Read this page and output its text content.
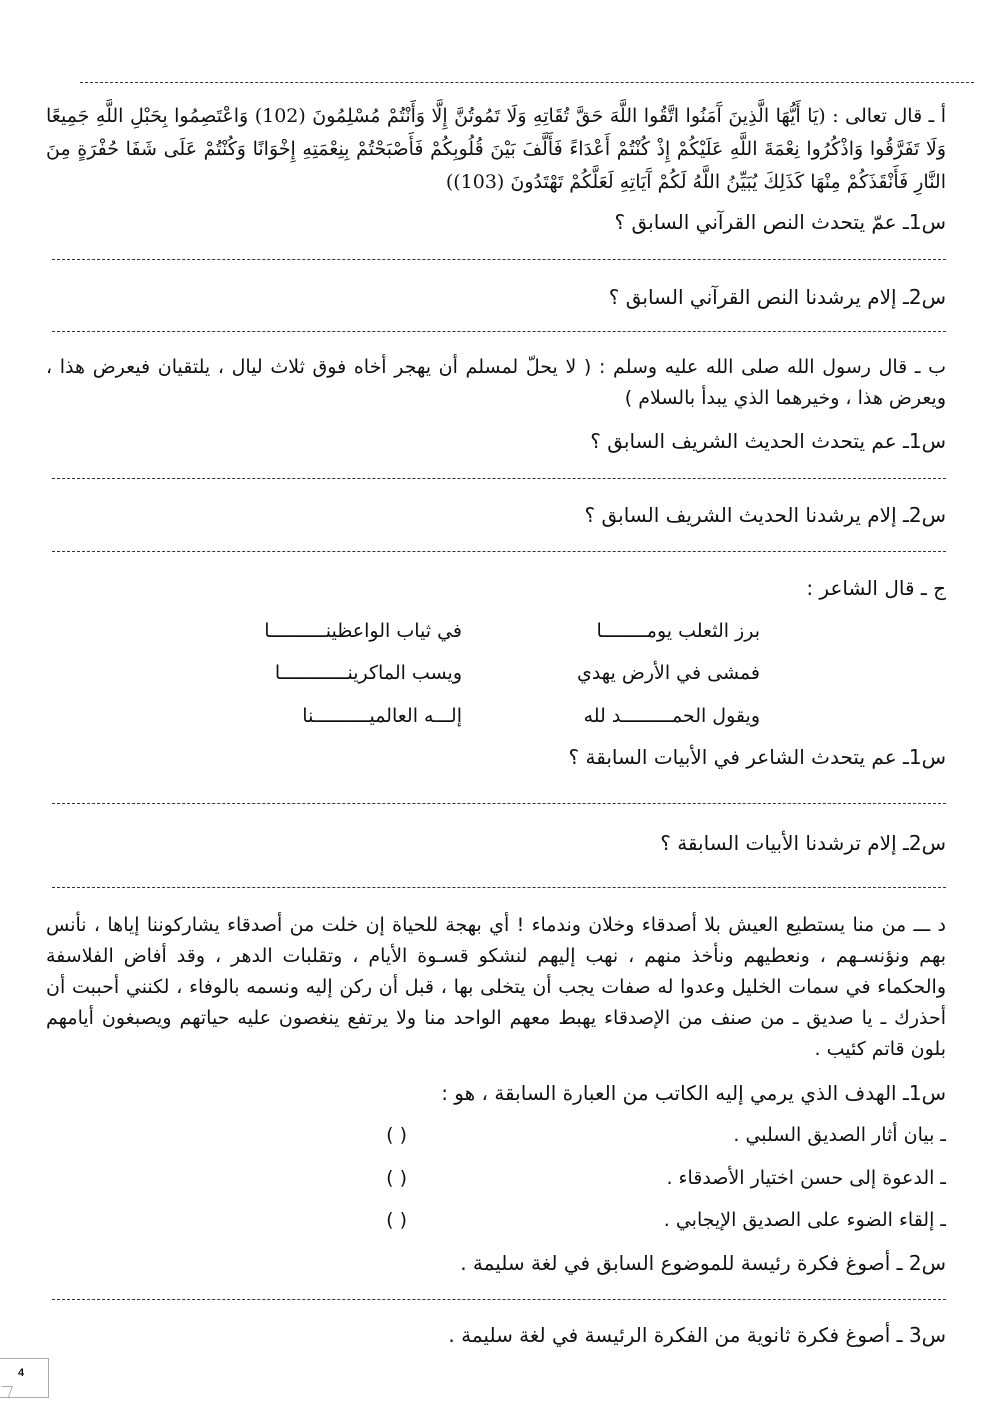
أ ـ قال تعالى : (يَا أَيُّهَا الَّذِينَ آَمَنُوا اتَّقُوا اللَّهَ حَقَّ تُقَاتِهِ وَلَا تَمُوتُنَّ إِلَّا وَأَنْتُمْ مُسْلِمُونَ (102) وَاعْتَصِمُوا بِحَبْلِ اللَّهِ جَمِيعًا وَلَا تَفَرَّقُوا وَاذْكُرُوا نِعْمَةَ اللَّهِ عَلَيْكُمْ إِذْ كُنْتُمْ أَعْدَاءً فَأَلَّفَ بَيْنَ قُلُوبِكُمْ فَأَصْبَحْتُمْ بِنِعْمَتِهِ إِخْوَانًا وَكُنْتُمْ عَلَى شَفَا حُفْرَةٍ مِنَ النَّارِ فَأَنْقَذَكُمْ مِنْهَا كَذَلِكَ يُبَيِّنُ اللَّهُ لَكُمْ آَيَاتِهِ لَعَلَّكُمْ تَهْتَدُونَ (103))
س1ـ عمّ يتحدث النص القرآني السابق ؟
س2ـ إلام يرشدنا النص القرآني السابق ؟
ب ـ قال رسول الله صلى الله عليه وسلم : ( لا يحلّ لمسلم أن يهجر أخاه فوق ثلاث ليال ، يلتقيان فيعرض هذا ، ويعرض هذا ، وخيرهما الذي يبدأ بالسلام )
س1ـ عم يتحدث الحديث الشريف السابق ؟
س2ـ إلام يرشدنا الحديث الشريف السابق ؟
ج ـ قال الشاعر :
برز الثعلب يومــــــــا
في ثياب الواعظينــــــــــا
فمشى في الأرض يهدي
ويسب الماكرينــــــــــــا
ويقول الحمـــــــــد لله
إلـــه العالميــــــــــنا
س1ـ عم يتحدث الشاعر في الأبيات السابقة ؟
س2ـ إلام ترشدنا الأبيات السابقة ؟
د ـــ من منا يستطيع العيش بلا أصدقاء وخلان وندماء ! أي بهجة للحياة إن خلت من أصدقاء يشاركوننا إياها ، نأنس بهم ونؤنسـهم ، ونعطيهم ونأخذ منهم ، نهب إليهم لنشكو قسـوة الأيام ، وتقلبات الدهر ، وقد أفاض الفلاسفة والحكماء في سمات الخليل وعدوا له صفات يجب أن يتخلى بها ، قبل أن ركن إليه ونسمه بالوفاء ، لكنني أحببت أن أحذرك ـ يا صديق ـ من صنف من الإصدقاء يهبط معهم الواحد منا ولا يرتفع ينغصون عليه حياتهم ويصبغون أيامهم بلون قاتم كئيب .
س1ـ الهدف الذي يرمي إليه الكاتب من العبارة السابقة ، هو :
ـ بيان أثار الصديق السلبي .
( )
ـ الدعوة إلى حسن اختيار الأصدقاء .
( )
ـ إلقاء الضوء على الصديق الإيجابي .
( )
س2 ـ أصوغ فكرة رئيسة للموضوع السابق في لغة سليمة .
س3 ـ أصوغ فكرة ثانوية من الفكرة الرئيسة في لغة سليمة .
4
